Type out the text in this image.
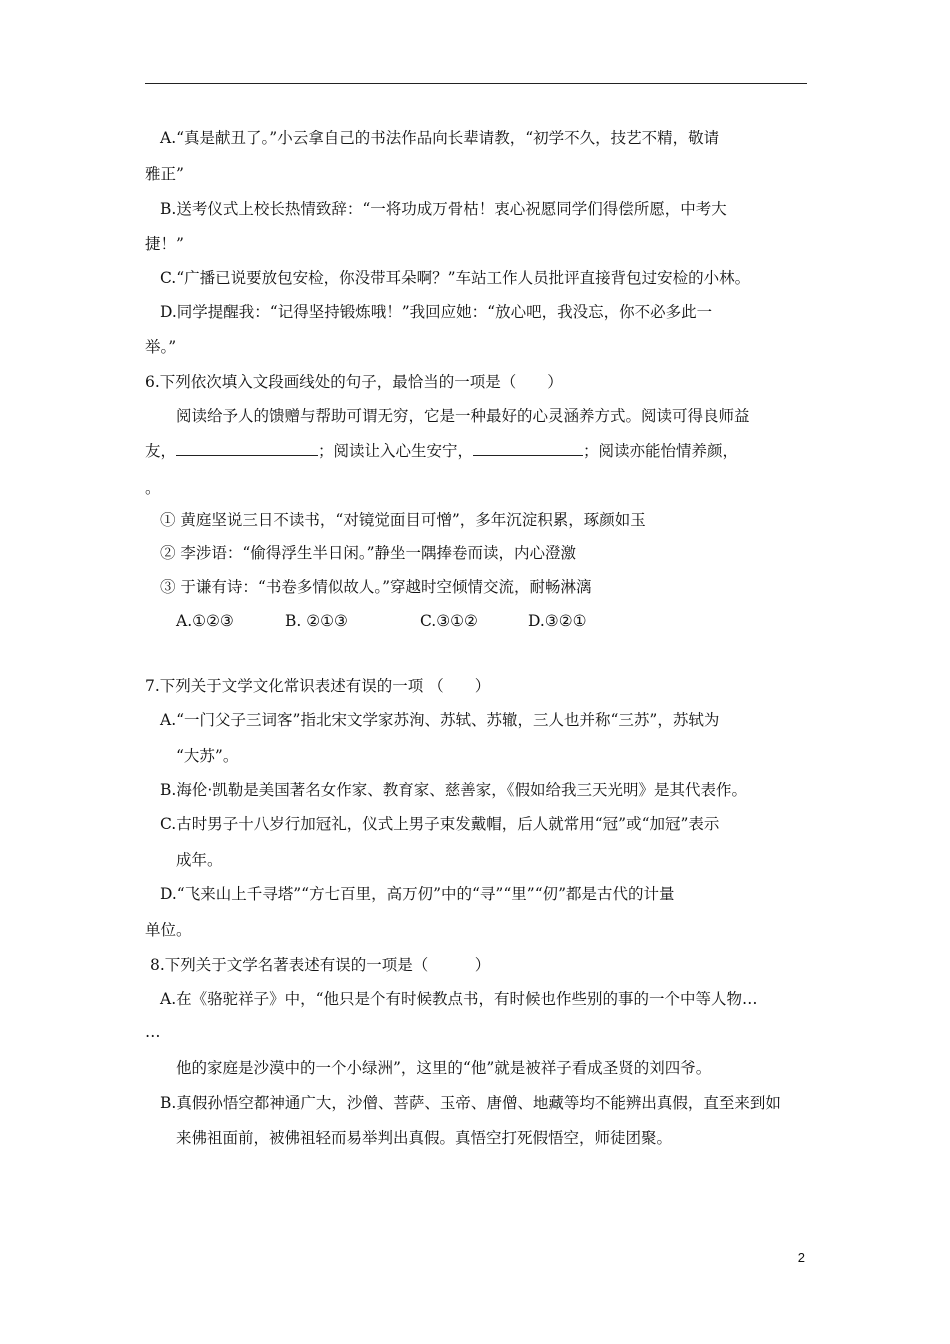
A.“真是献丑了。”小云拿自己的书法作品向长辈请教，“初学不久，技艺不精，敬请
雅正”
B.送考仪式上校长热情致辞：“一将功成万骨枯！衷心祝愿同学们得偿所愿，中考大
捷！”
C.“广播已说要放包安检，你没带耳朵啊？”车站工作人员批评直接背包过安检的小林。
D.同学提醒我：“记得坚持锻炼哦！”我回应她：“放心吧，我没忘，你不必多此一
举。”
6.下列依次填入文段画线处的句子，最恰当的一项是（　　）
阅读给予人的馈赠与帮助可谓无穷，它是一种最好的心灵涵养方式。阅读可得良师益
友，	；阅读让入心生安宁，	；阅读亦能怡情养颜，
。
① 黄庭坚说三日不读书，“对镜觉面目可憎”，多年沉淀积累，琢颜如玉
② 李涉语：“偷得浮生半日闲。”静坐一隅捧卷而读，内心澄激
③ 于谦有诗：“书卷多情似故人。”穿越时空倾情交流，耐畅淋漓
A.①②③	B. ②①③	C.③①②	D.③②①
7.下列关于文学文化常识表述有误的一项 （　　）
A.“一门父子三词客”指北宋文学家苏洵、苏轼、苏辙，三人也并称“三苏”，苏轼为
“大苏”。
B.海伦·凯勒是美国著名女作家、教育家、慈善家，《假如给我三天光明》是其代表作。
C.古时男子十八岁行加冠礼，仪式上男子束发戴帽，后人就常用“冠”或“加冠”表示
成年。
D.“飞来山上千寻塔”“方七百里，高万仞”中的“寻”“里”“仞”都是古代的计量
单位。
8.下列关于文学名著表述有误的一项是（　　　）
A.在《骆驼祥子》中，“他只是个有时候教点书，有时候也作些别的事的一个中等人物…
…
他的家庭是沙漠中的一个小绿洲”，这里的“他”就是被祥子看成圣贤的刘四爷。
B.真假孙悟空都神通广大，沙僧、菩萨、玉帝、唐僧、地藏等均不能辨出真假，直至来到如
来佛祖面前，被佛祖轻而易举判出真假。真悟空打死假悟空，师徒团聚。
2
